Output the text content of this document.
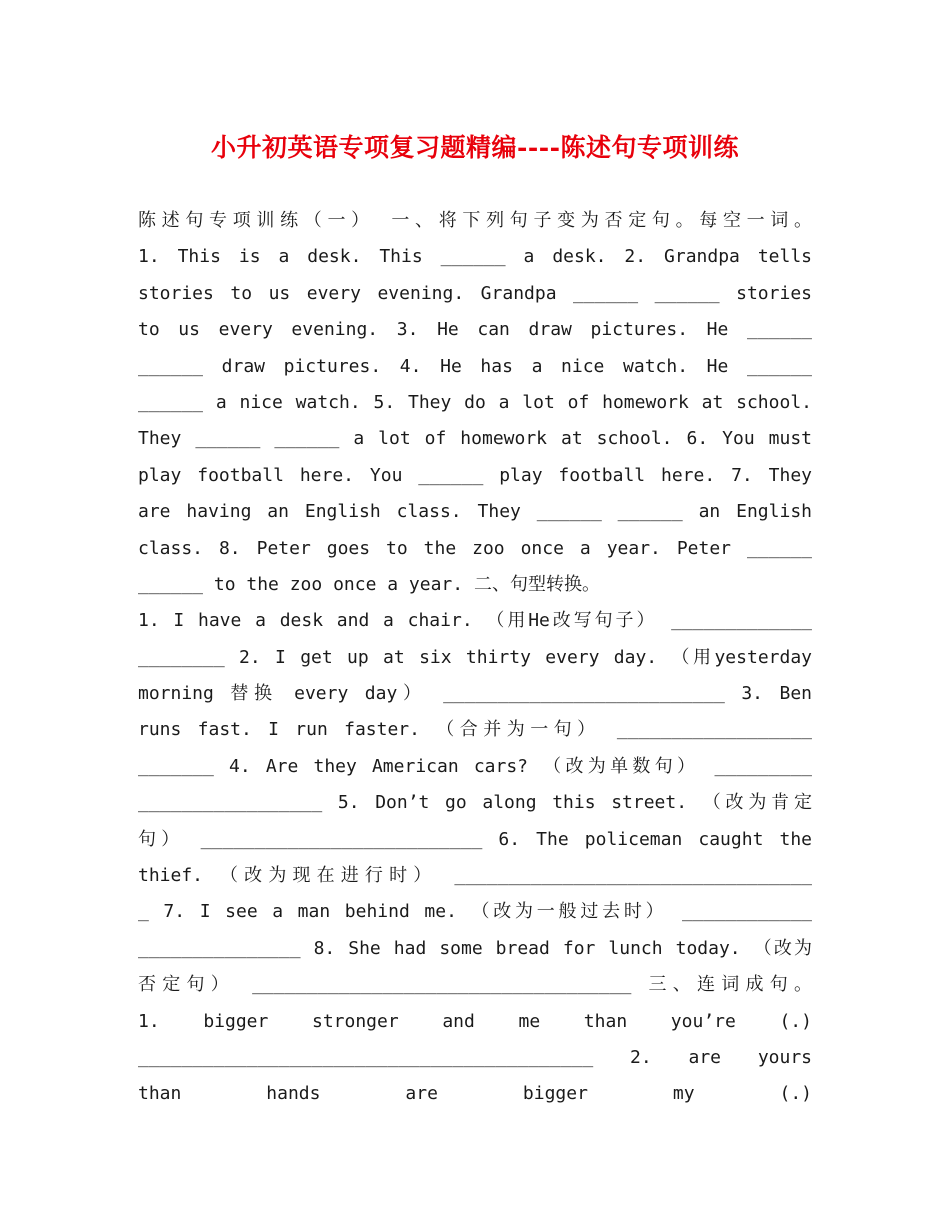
小升初英语专项复习题精编----陈述句专项训练
陈述句专项训练（一） 一、将下列句子变为否定句。每空一词。
1. This is a desk. This ______ a desk. 2. Grandpa tells
stories to us every evening. Grandpa ______ ______ stories
to us every evening. 3. He can draw pictures. He ______
______ draw pictures. 4. He has a nice watch. He ______
______ a nice watch. 5. They do a lot of homework at school.
They ______ ______ a lot of homework at school. 6. You must
play football here. You ______ play football here. 7. They
are having an English class. They ______ ______ an English
class. 8. Peter goes to the zoo once a year. Peter ______
______ to the zoo once a year. 二、句型转换。
1. I have a desk and a chair. （用He改写句子） _____________
________ 2. I get up at six thirty every day. （用yesterday
morning 替换 every day） __________________________ 3. Ben
runs fast. I run faster. （合并为一句） __________________
_______ 4. Are they American cars? （改为单数句） _________
_________________ 5. Don’t go along this street. （改为肯定
句） __________________________ 6. The policeman caught the
thief. （改为现在进行时） _________________________________
_ 7. I see a man behind me. （改为一般过去时） ____________
_______________ 8. She had some bread for lunch today. （改为
否定句） ___________________________________ 三、连词成句。
1. bigger stronger and me than you’re (.)
__________________________________________ 2. are yours
than hands are bigger my (.)
